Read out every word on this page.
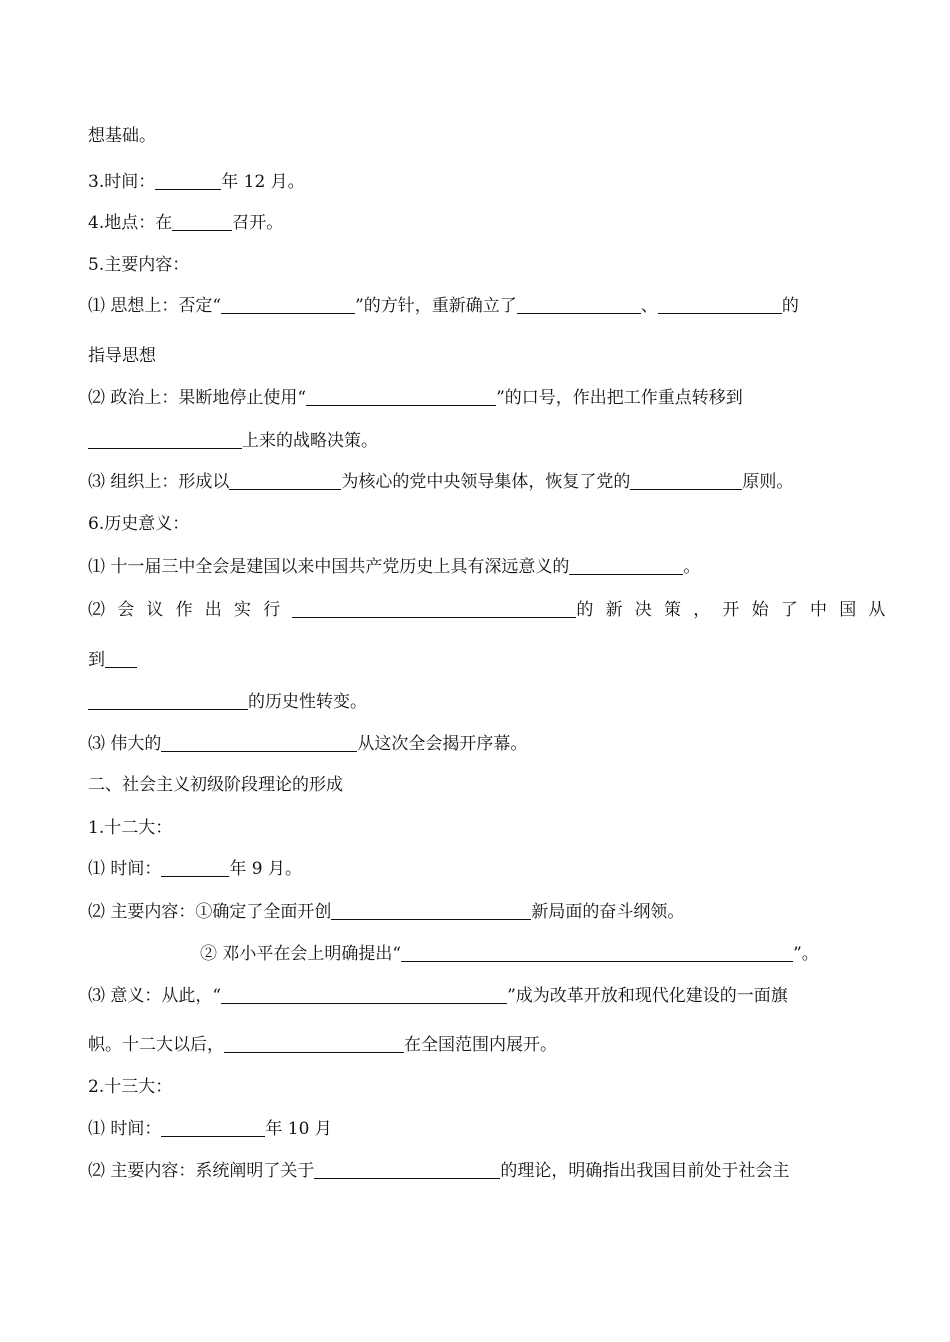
想基础。
3.时间：	年 12 月。
4.地点：在	召开。
5.主要内容：
⑴ 思想上：否定“	”的方针，重新确立了	、	的
指导思想
⑵ 政治上：果断地停止使用“	”的口号，作出把工作重点转移到
上来的战略决策。
⑶ 组织上：形成以	为核心的党中央领导集体，恢复了党的	原则。
6.历史意义：
⑴ 十一届三中全会是建国以来中国共产党历史上具有深远意义的	。
⑵会议作出实行	的新决策，开始了中国从
到
的历史性转变。
⑶ 伟大的	从这次全会揭开序幕。
二、社会主义初级阶段理论的形成
1.十二大：
⑴ 时间：	年 9 月。
⑵ 主要内容：①确定了全面开创	新局面的奋斗纲领。
② 邓小平在会上明确提出“	”。
⑶ 意义：从此，“	”成为改革开放和现代化建设的一面旗
帜。十二大以后，	在全国范围内展开。
2.十三大：
⑴ 时间：	年 10 月
⑵ 主要内容：系统阐明了关于	的理论，明确指出我国目前处于社会主
